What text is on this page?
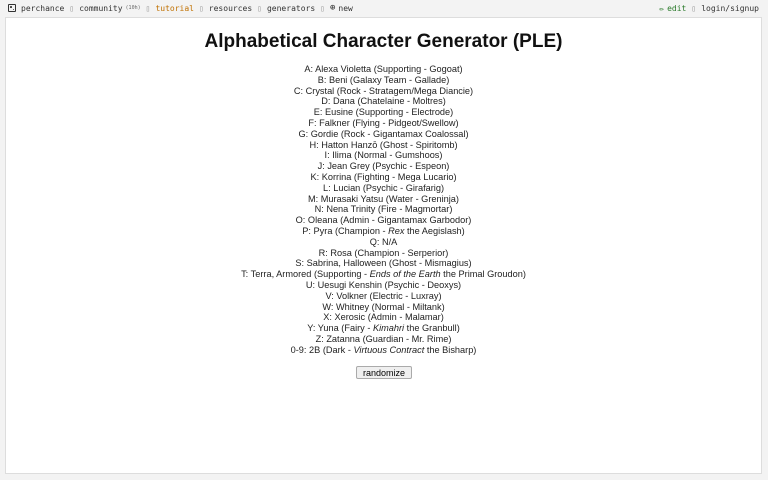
perchance ▯ community (10h) ▯ tutorial ▯ resources ▯ generators ▯ ⊕ new	✏ edit ▯ login/signup
Alphabetical Character Generator (PLE)
A: Alexa Violetta (Supporting - Gogoat)
B: Beni (Galaxy Team - Gallade)
C: Crystal (Rock - Stratagem/Mega Diancie)
D: Dana (Chatelaine - Moltres)
E: Eusine (Supporting - Electrode)
F: Falkner (Flying - Pidgeot/Swellow)
G: Gordie (Rock - Gigantamax Coalossal)
H: Hatton Hanzō (Ghost - Spiritomb)
I: Ilima (Normal - Gumshoos)
J: Jean Grey (Psychic - Espeon)
K: Korrina (Fighting - Mega Lucario)
L: Lucian (Psychic - Girafarig)
M: Murasaki Yatsu (Water - Greninja)
N: Nena Trinity (Fire - Magmortar)
O: Oleana (Admin - Gigantamax Garbodor)
P: Pyra (Champion - Rex the Aegislash)
Q: N/A
R: Rosa (Champion - Serperior)
S: Sabrina, Halloween (Ghost - Mismagius)
T: Terra, Armored (Supporting - Ends of the Earth the Primal Groudon)
U: Uesugi Kenshin (Psychic - Deoxys)
V: Volkner (Electric - Luxray)
W: Whitney (Normal - Miltank)
X: Xerosic (Admin - Malamar)
Y: Yuna (Fairy - Kimahri the Granbull)
Z: Zatanna (Guardian - Mr. Rime)
0-9: 2B (Dark - Virtuous Contract the Bisharp)
randomize
